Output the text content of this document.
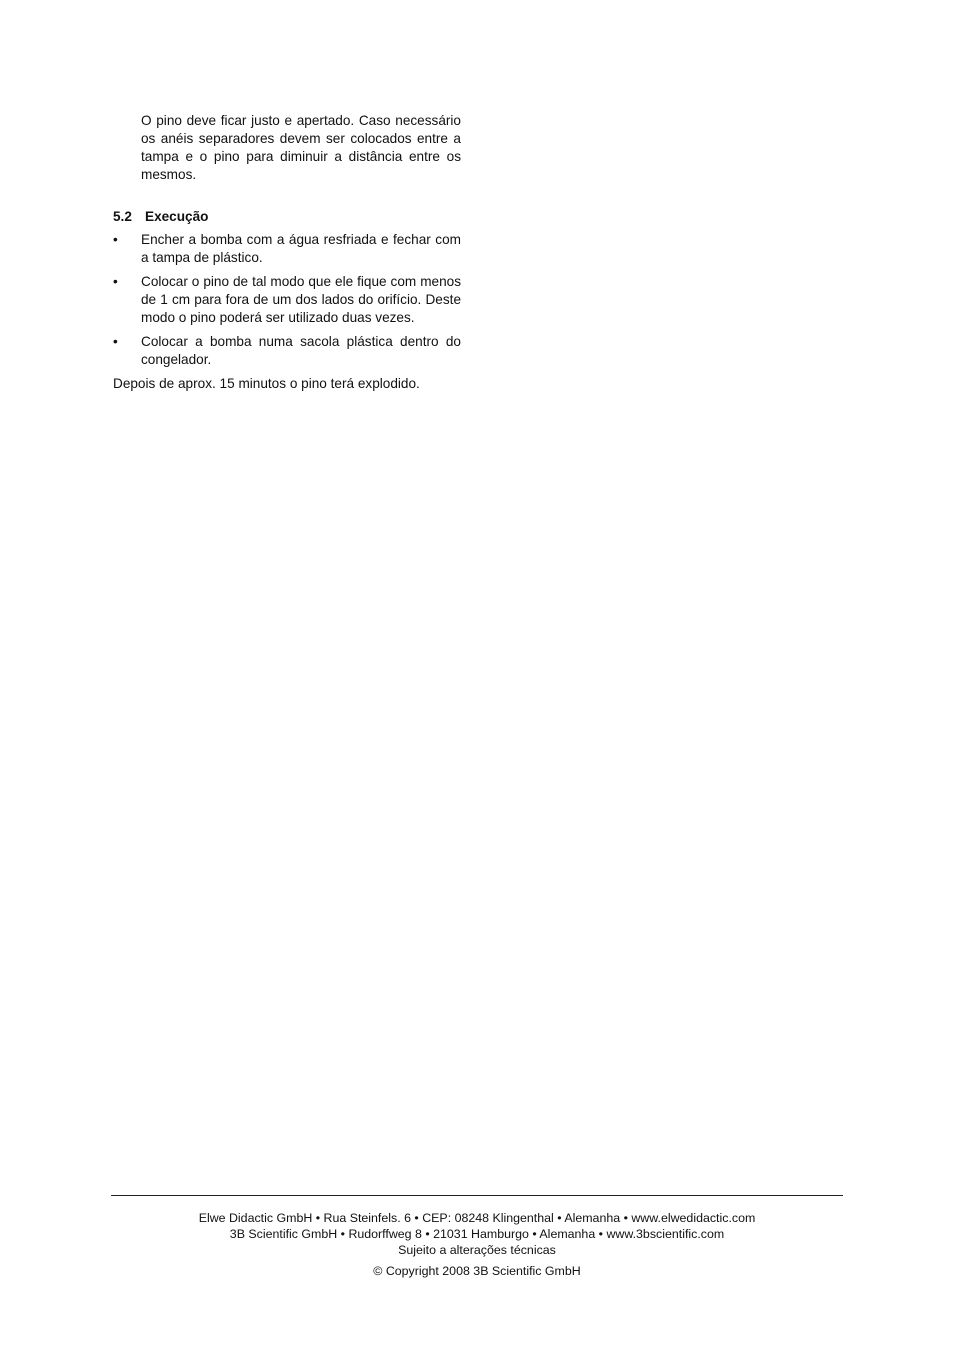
O pino deve ficar justo e apertado. Caso necessário os anéis separadores devem ser colocados entre a tampa e o pino para diminuir a distância entre os mesmos.

5.2 Execução
•	Encher a bomba com a água resfriada e fechar com a tampa de plástico.
•	Colocar o pino de tal modo que ele fique com menos de 1 cm para fora de um dos lados do orifício. Deste modo o pino poderá ser utilizado duas vezes.
•	Colocar a bomba numa sacola plástica dentro do congelador.

Depois de aprox. 15 minutos o pino terá explodido.

Elwe Didactic GmbH • Rua Steinfels. 6 • CEP: 08248 Klingenthal • Alemanha • www.elwedidactic.com
3B Scientific GmbH • Rudorffweg 8 • 21031 Hamburgo • Alemanha • www.3bscientific.com
Sujeito a alterações técnicas
© Copyright 2008 3B Scientific GmbH
